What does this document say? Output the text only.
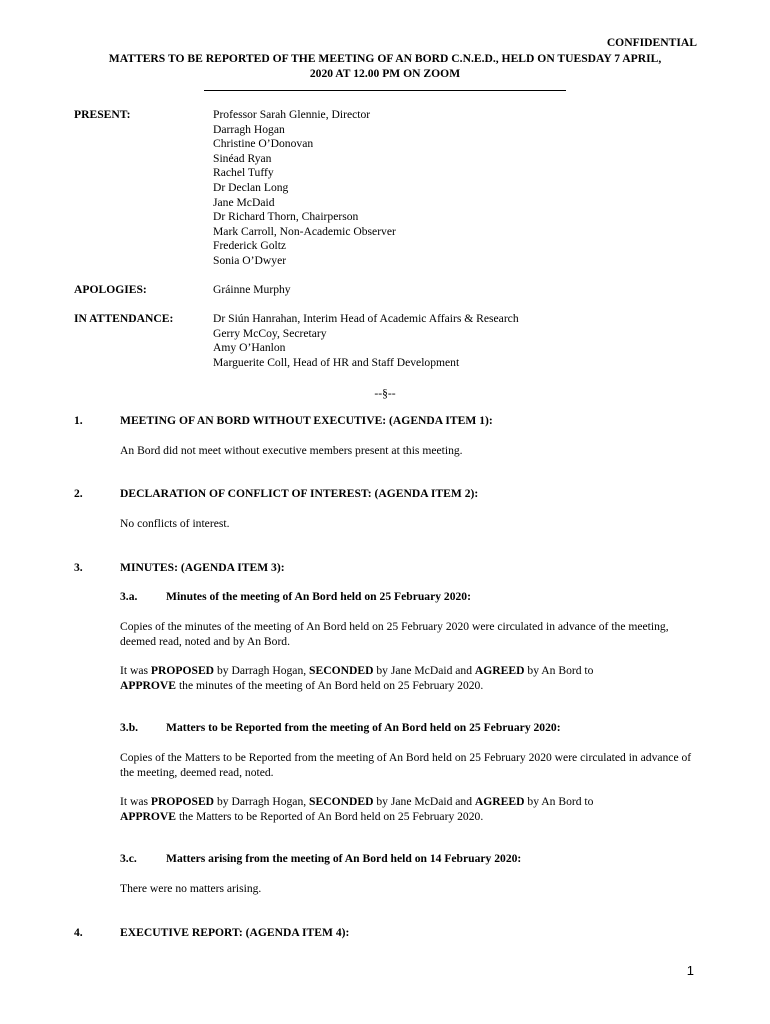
CONFIDENTIAL
MATTERS TO BE REPORTED OF THE MEETING OF AN BORD C.N.E.D., HELD ON TUESDAY 7 APRIL,
2020 AT 12.00 PM ON ZOOM
PRESENT:	Professor Sarah Glennie, Director
Darragh Hogan
Christine O’Donovan
Sinéad Ryan
Rachel Tuffy
Dr Declan Long
Jane McDaid
Dr Richard Thorn, Chairperson
Mark Carroll, Non-Academic Observer
Frederick Goltz
Sonia O’Dwyer
APOLOGIES:	Gráinne Murphy
IN ATTENDANCE:	Dr Siún Hanrahan, Interim Head of Academic Affairs & Research
Gerry McCoy, Secretary
Amy O’Hanlon
Marguerite Coll, Head of HR and Staff Development
--§--
1.	MEETING OF AN BORD WITHOUT EXECUTIVE: (AGENDA ITEM 1):
An Bord did not meet without executive members present at this meeting.
2.	DECLARATION OF CONFLICT OF INTEREST: (AGENDA ITEM 2):
No conflicts of interest.
3.	MINUTES: (AGENDA ITEM 3):
3.a. Minutes of the meeting of An Bord held on 25 February 2020:
Copies of the minutes of the meeting of An Bord held on 25 February 2020 were circulated in advance of the meeting, deemed read, noted and by An Bord.
It was PROPOSED by Darragh Hogan, SECONDED by Jane McDaid and AGREED by An Bord to
APPROVE the minutes of the meeting of An Bord held on 25 February 2020.
3.b. Matters to be Reported from the meeting of An Bord held on 25 February 2020:
Copies of the Matters to be Reported from the meeting of An Bord held on 25 February 2020 were circulated in advance of the meeting, deemed read, noted.
It was PROPOSED by Darragh Hogan, SECONDED by Jane McDaid and AGREED by An Bord to
APPROVE the Matters to be Reported of An Bord held on 25 February 2020.
3.c.	Matters arising from the meeting of An Bord held on 14 February 2020:
There were no matters arising.
4.	EXECUTIVE REPORT: (AGENDA ITEM 4):
1
